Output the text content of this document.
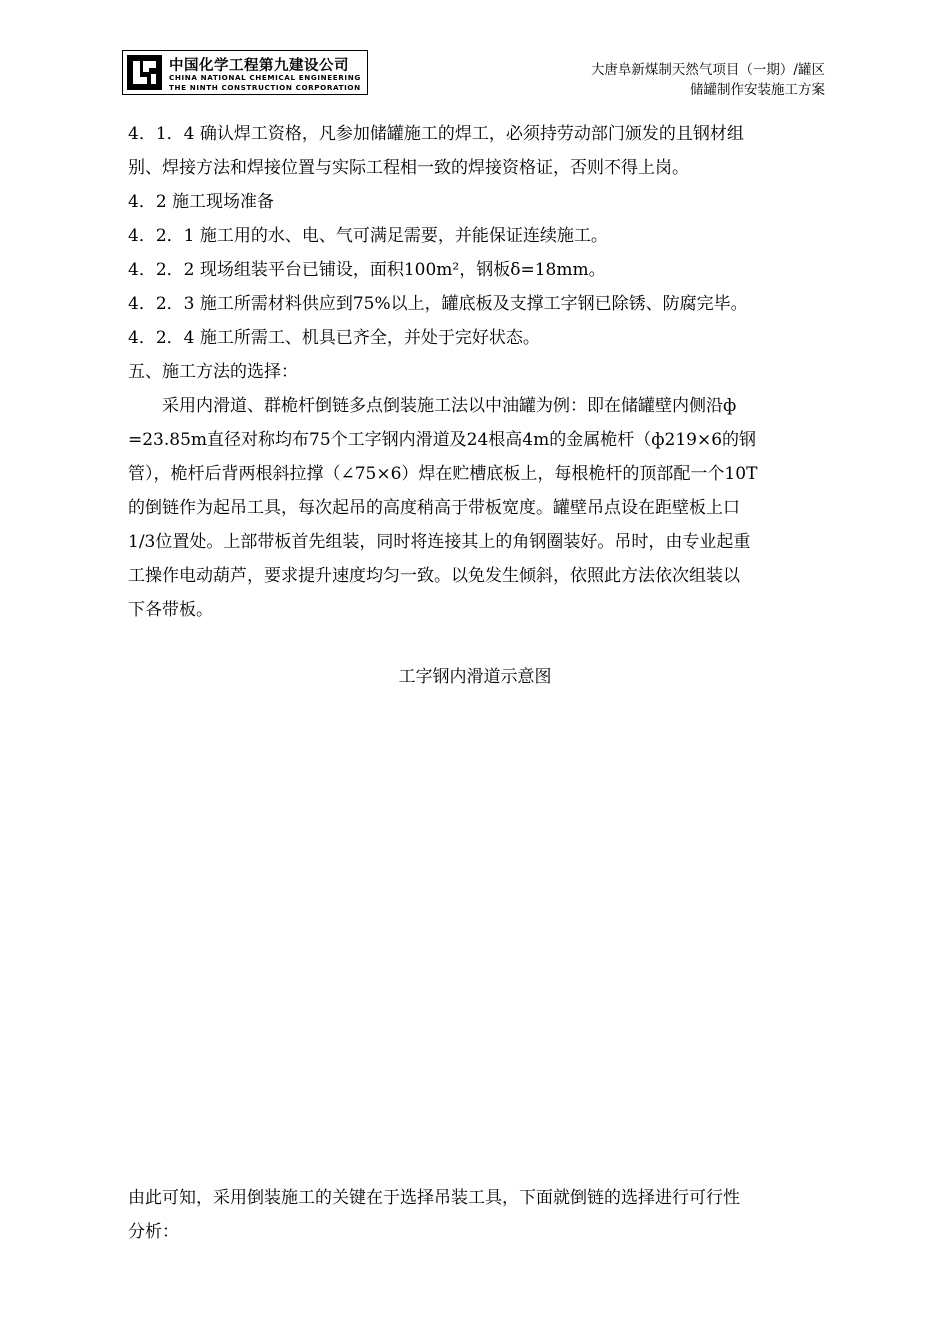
中国化学工程第九建设公司
CHINA NATIONAL CHEMICAL ENGINEERING
THE NINTH CONSTRUCTION CORPORATION
大唐阜新煤制天然气项目（一期）/罐区
储罐制作安装施工方案

4．1．4 确认焊工资格，凡参加储罐施工的焊工，必须持劳动部门颁发的且钢材组

别、焊接方法和焊接位置与实际工程相一致的焊接资格证，否则不得上岗。

4．2 施工现场准备

4．2．1 施工用的水、电、气可满足需要，并能保证连续施工。

4．2．2 现场组装平台已铺设，面积100m²，钢板δ=18mm。

4．2．3 施工所需材料供应到75%以上，罐底板及支撑工字钢已除锈、防腐完毕。

4．2．4 施工所需工、机具已齐全，并处于完好状态。

五、施工方法的选择：

　　采用内滑道、群桅杆倒链多点倒装施工法以中油罐为例：即在储罐壁内侧沿ф

=23.85m直径对称均布75个工字钢内滑道及24根高4m的金属桅杆（ф219×6的钢

管），桅杆后背两根斜拉撑（∠75×6）焊在贮槽底板上，每根桅杆的顶部配一个10T

的倒链作为起吊工具，每次起吊的高度稍高于带板宽度。罐壁吊点设在距壁板上口

1/3位置处。上部带板首先组装，同时将连接其上的角钢圈装好。吊时，由专业起重

工操作电动葫芦，要求提升速度均匀一致。以免发生倾斜，依照此方法依次组装以

下各带板。

工字钢内滑道示意图

由此可知，采用倒装施工的关键在于选择吊装工具，下面就倒链的选择进行可行性

分析：
